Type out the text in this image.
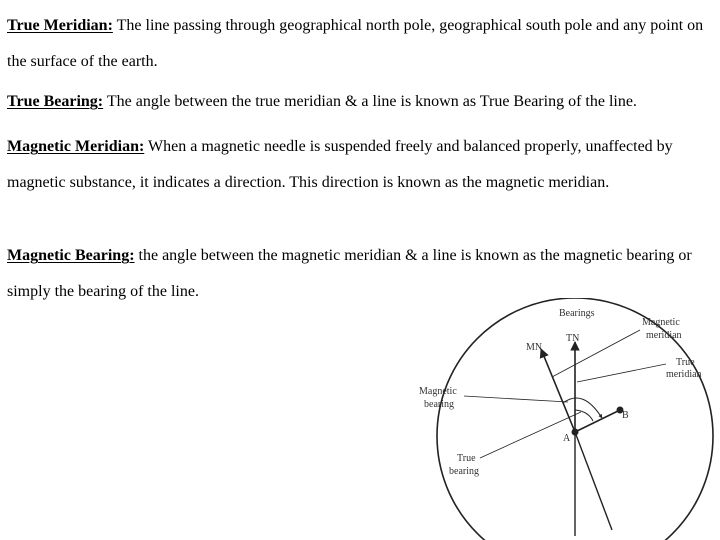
True Meridian: The line passing through geographical north pole, geographical south pole and any point on the surface of the earth.

True Bearing: The angle between the true meridian & a line is known as True Bearing of the line.

Magnetic Meridian: When a magnetic needle is suspended freely and balanced properly, unaffected by magnetic substance, it indicates a direction. This direction is known as the magnetic meridian.

Magnetic Bearing: the angle between the magnetic meridian & a line is known as the magnetic bearing or simply the bearing of the line.

Bearings
MN
TN
A
B
Magnetic
meridian
True
meridian
Magnetic
bearing
True
bearing
